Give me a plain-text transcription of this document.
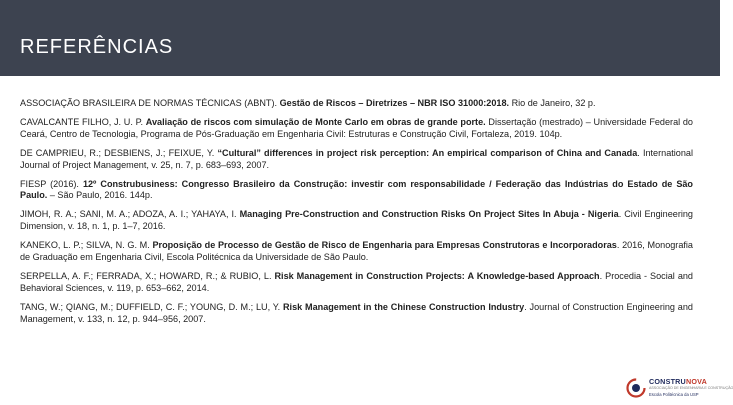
REFERÊNCIAS

ASSOCIAÇÃO BRASILEIRA DE NORMAS TÉCNICAS (ABNT). Gestão de Riscos – Diretrizes – NBR ISO 31000:2018. Rio de Janeiro, 32 p.

CAVALCANTE FILHO, J. U. P. Avaliação de riscos com simulação de Monte Carlo em obras de grande porte. Dissertação (mestrado) – Universidade Federal do Ceará, Centro de Tecnologia, Programa de Pós-Graduação em Engenharia Civil: Estruturas e Construção Civil, Fortaleza, 2019. 104p.

DE CAMPRIEU, R.; DESBIENS, J.; FEIXUE, Y. “Cultural” differences in project risk perception: An empirical comparison of China and Canada. International Journal of Project Management, v. 25, n. 7, p. 683–693, 2007.

FIESP (2016). 12º Construbusiness: Congresso Brasileiro da Construção: investir com responsabilidade / Federação das Indústrias do Estado de São Paulo. – São Paulo, 2016. 144p.

JIMOH, R. A.; SANI, M. A.; ADOZA, A. I.; YAHAYA, I. Managing Pre-Construction and Construction Risks On Project Sites In Abuja - Nigeria. Civil Engineering Dimension, v. 18, n. 1, p. 1–7, 2016.

KANEKO, L. P.; SILVA, N. G. M. Proposição de Processo de Gestão de Risco de Engenharia para Empresas Construtoras e Incorporadoras. 2016, Monografia de Graduação em Engenharia Civil, Escola Politécnica da Universidade de São Paulo.

SERPELLA, A. F.; FERRADA, X.; HOWARD, R.; & RUBIO, L. Risk Management in Construction Projects: A Knowledge-based Approach. Procedia - Social and Behavioral Sciences, v. 119, p. 653–662, 2014.

TANG, W.; QIANG, M.; DUFFIELD, C. F.; YOUNG, D. M.; LU, Y. Risk Management in the Chinese Construction Industry. Journal of Construction Engineering and Management, v. 133, n. 12, p. 944–956, 2007.

CONSTRUNOVA
ASSOCIAÇÃO DE ENGENHARIA E CONSTRUÇÃO
Escola Politécnica da USP
